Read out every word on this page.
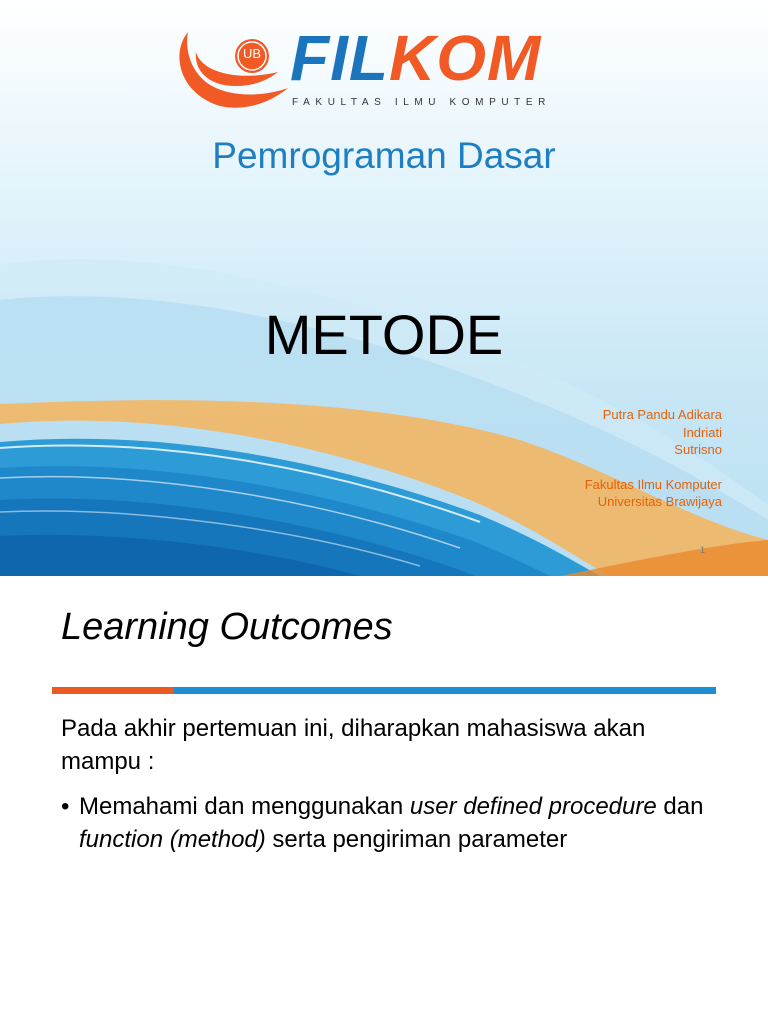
UB FILKOM
FAKULTAS ILMU KOMPUTER
Pemrograman Dasar
METODE
Putra Pandu Adikara
Indriati
Sutrisno
Fakultas Ilmu Komputer
Universitas Brawijaya
1
Learning Outcomes
Pada akhir pertemuan ini, diharapkan mahasiswa akan mampu :
• Memahami dan menggunakan user defined procedure dan function (method) serta pengiriman parameter
